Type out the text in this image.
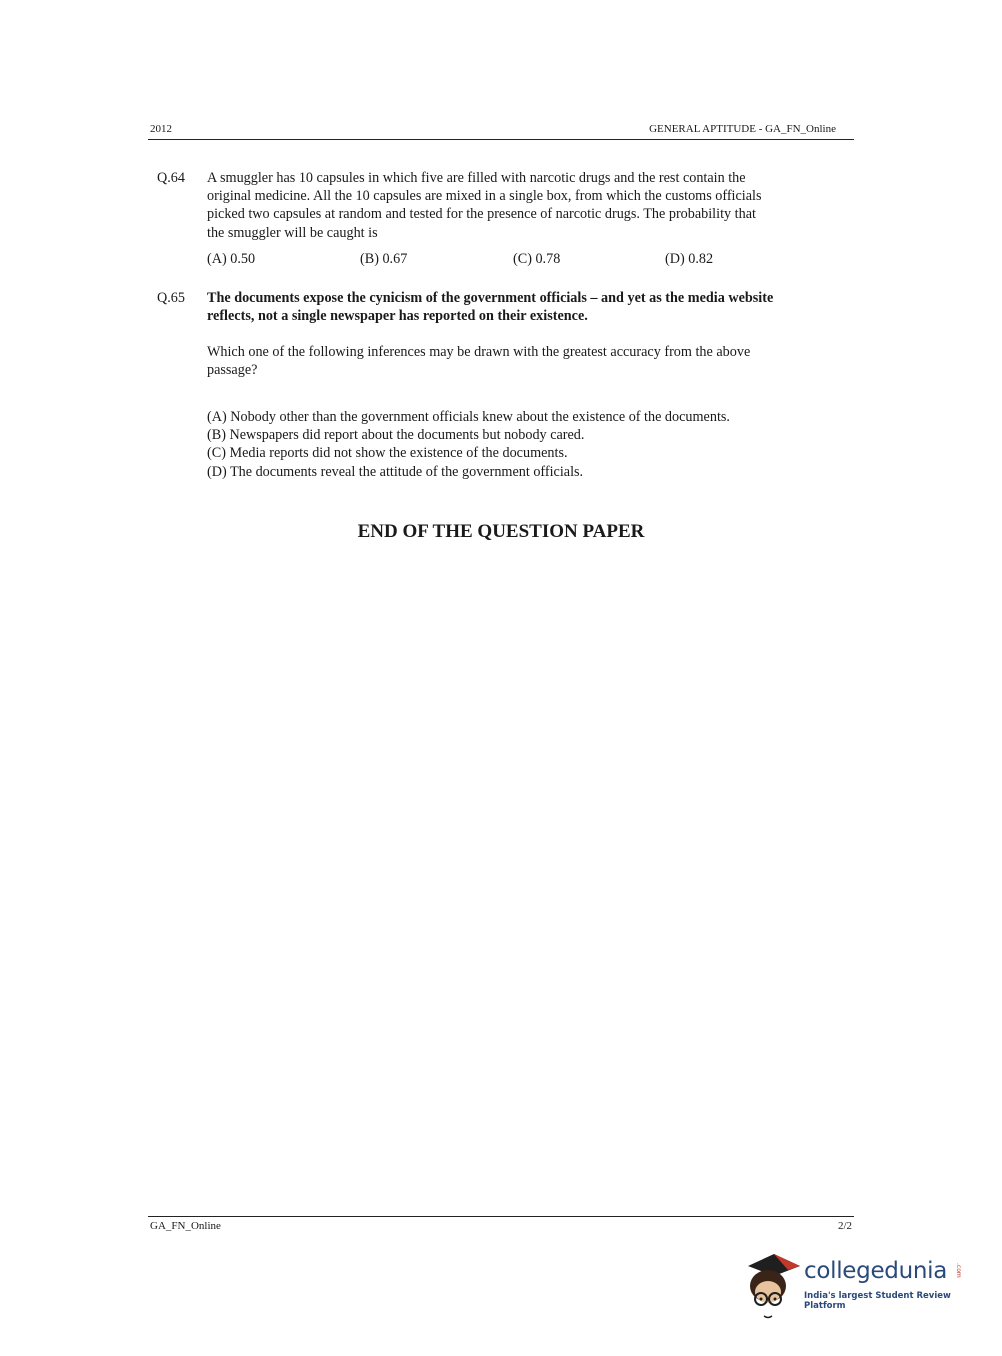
2012	GENERAL APTITUDE - GA_FN_Online
Q.64 A smuggler has 10 capsules in which five are filled with narcotic drugs and the rest contain the
original medicine. All the 10 capsules are mixed in a single box, from which the customs officials
picked two capsules at random and tested for the presence of narcotic drugs. The probability that
the smuggler will be caught is
(A) 0.50	(B) 0.67	(C) 0.78	(D) 0.82
Q.65 The documents expose the cynicism of the government officials – and yet as the media website
reflects, not a single newspaper has reported on their existence.
Which one of the following inferences may be drawn with the greatest accuracy from the above
passage?
(A) Nobody other than the government officials knew about the existence of the documents.
(B) Newspapers did report about the documents but nobody cared.
(C) Media reports did not show the existence of the documents.
(D) The documents reveal the attitude of the government officials.
END OF THE QUESTION PAPER
GA_FN_Online	2/2
collegedunia .com
India's largest Student Review Platform
